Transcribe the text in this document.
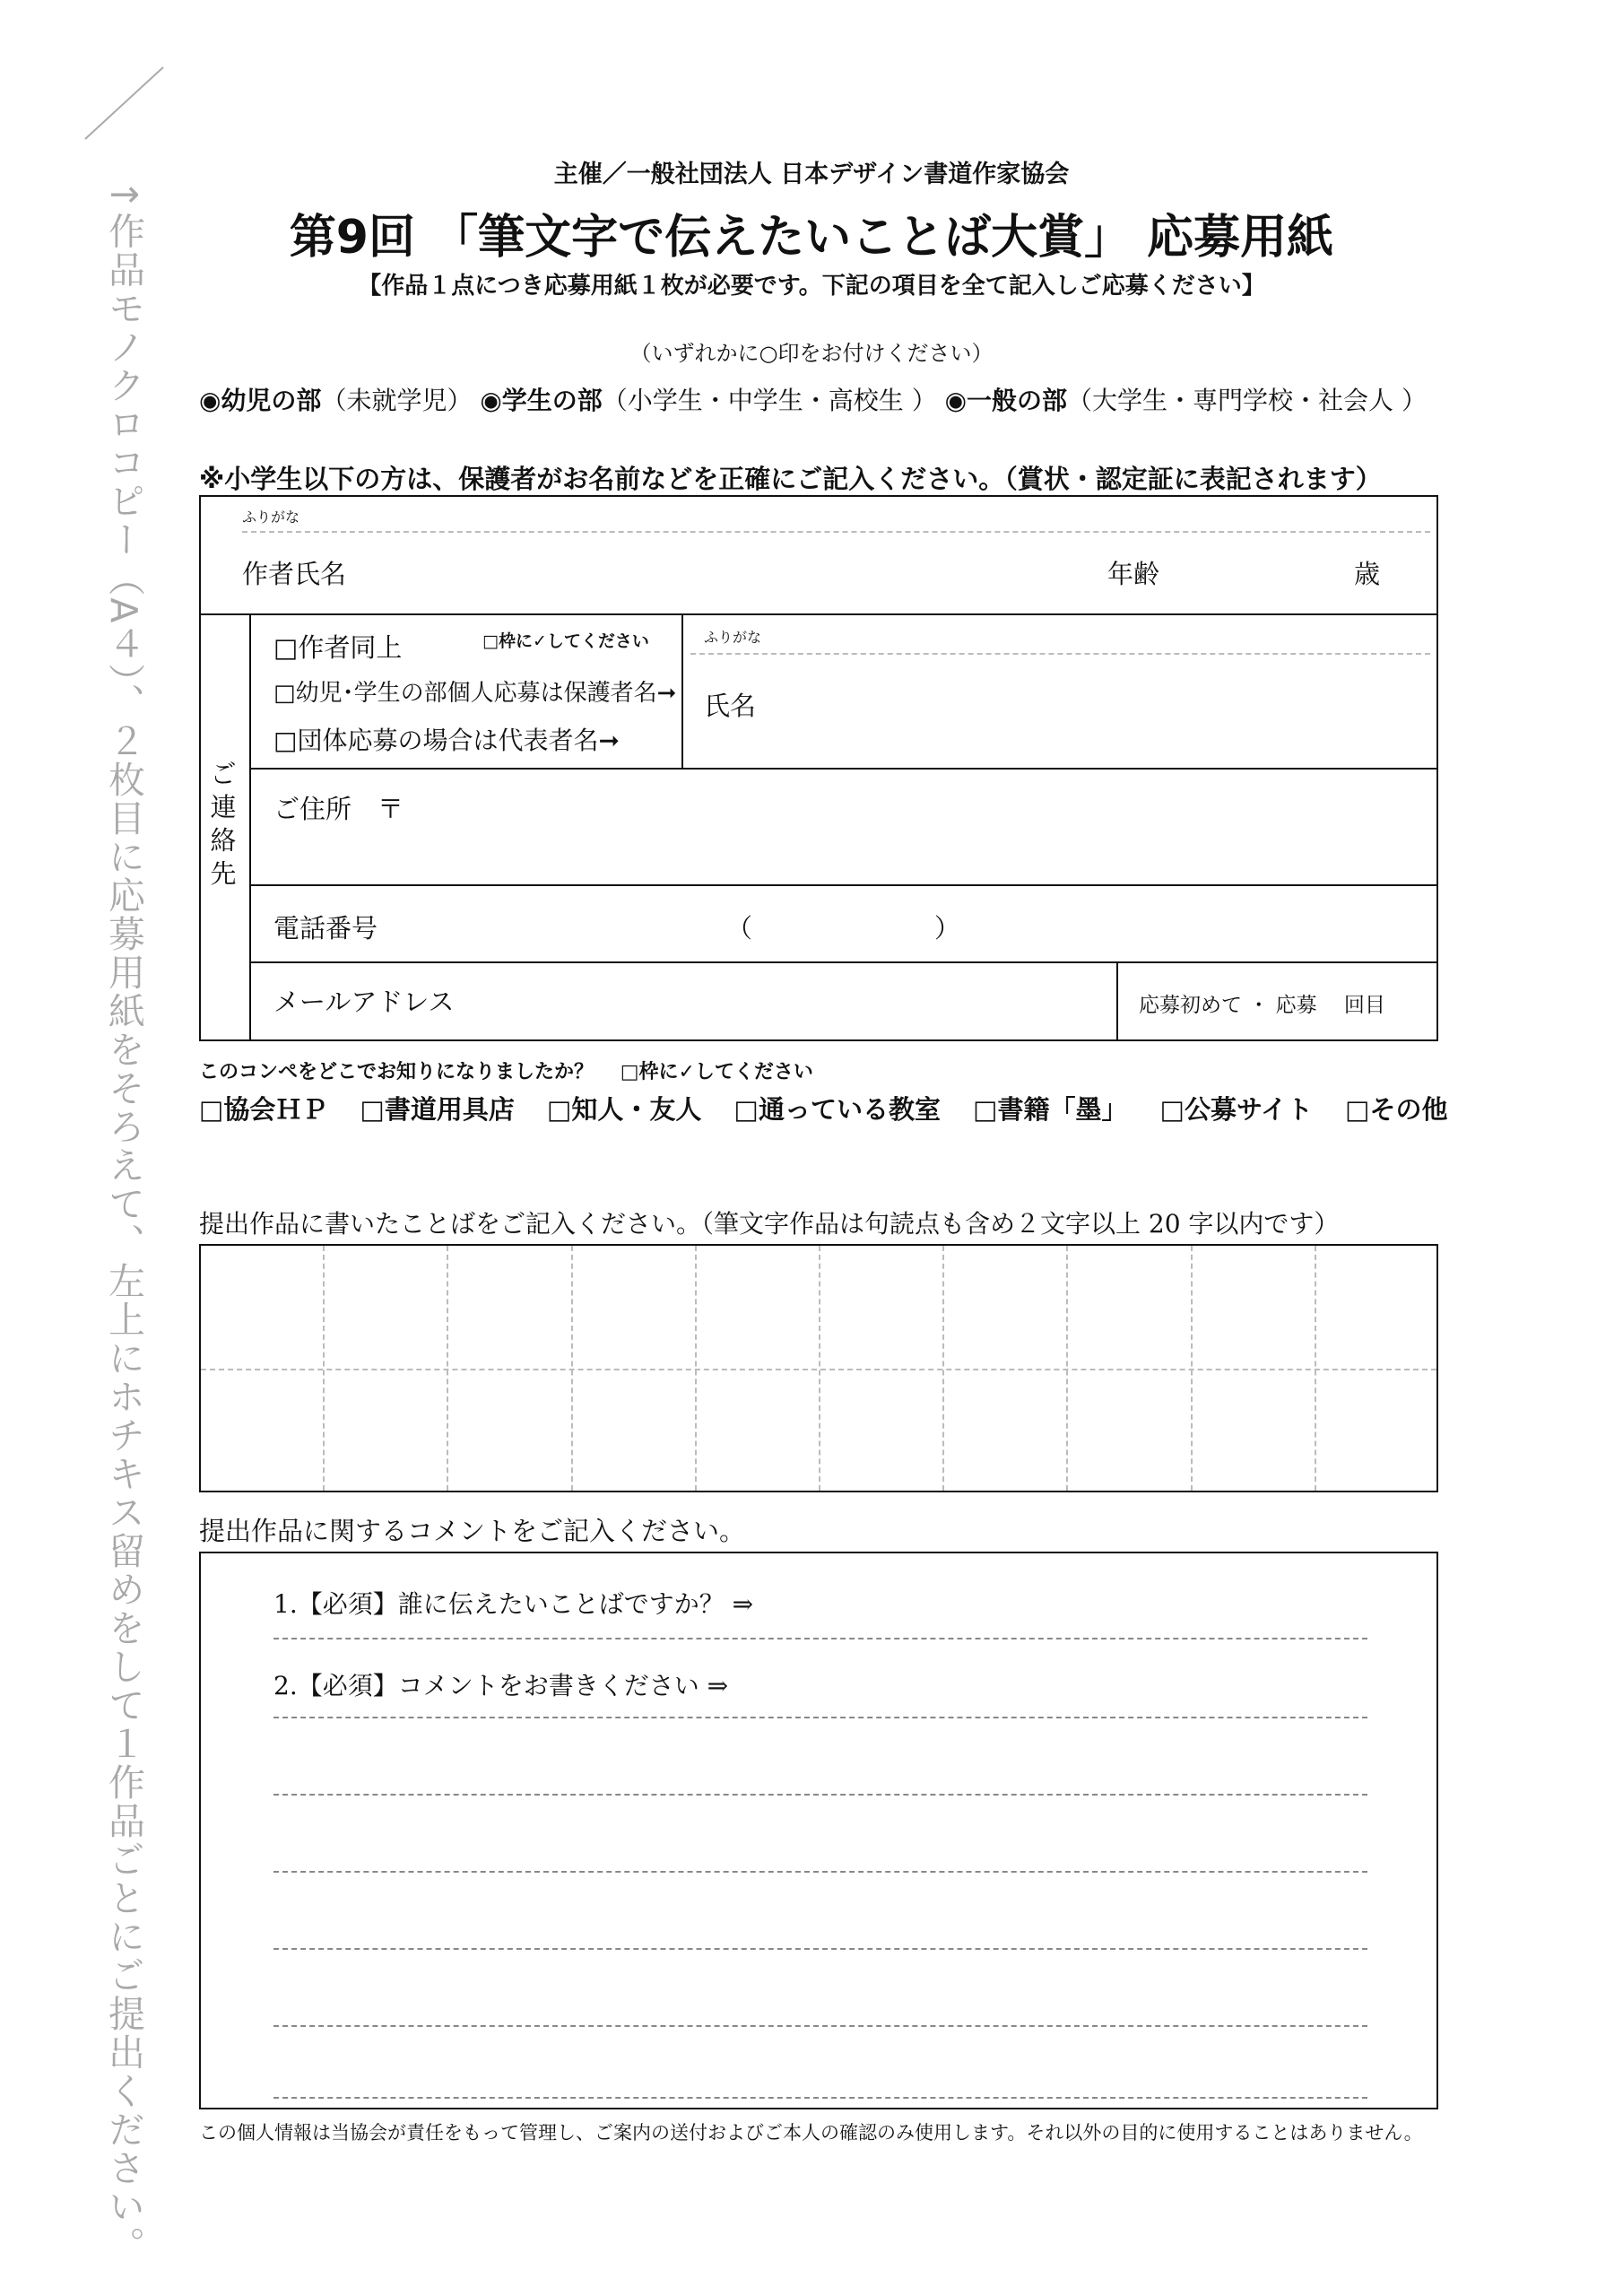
↑作品モノクロコピー（A４）、２枚目に応募用紙をそろえて、左上にホチキス留めをして１作品ごとにご提出ください。
主催／一般社団法人 日本デザイン書道作家協会
第9回 「筆文字で伝えたいことば大賞」 応募用紙
【作品１点につき応募用紙１枚が必要です。下記の項目を全て記入しご応募ください】
（いずれかに○印をお付けください）
◉幼児の部（未就学児） ◉学生の部（小学生・中学生・高校生 ） ◉一般の部（大学生・専門学校・社会人 ）
※小学生以下の方は、保護者がお名前などを正確にご記入ください。（賞状・認定証に表記されます）
ふりがな
作者氏名	年齢	歳
ご
連
絡
先
□作者同上	□枠に✓してください
□幼児･学生の部個人応募は保護者名➞
□団体応募の場合は代表者名➞
ふりがな
氏名
ご住所　〒
電話番号	（　　　　　　　）
メールアドレス	応募初めて ・ 応募　 回目
このコンペをどこでお知りになりましたか？ □枠に✓してください
□協会ＨＰ □書道用具店 □知人・友人 □通っている教室 □書籍「墨」 □公募サイト □その他
提出作品に書いたことばをご記入ください。（筆文字作品は句読点も含め２文字以上 20 字以内です）
提出作品に関するコメントをご記入ください。
1.【必須】誰に伝えたいことばですか？ ⇒
2.【必須】コメントをお書きください ⇒
この個人情報は当協会が責任をもって管理し、ご案内の送付およびご本人の確認のみ使用します。それ以外の目的に使用することはありません。
